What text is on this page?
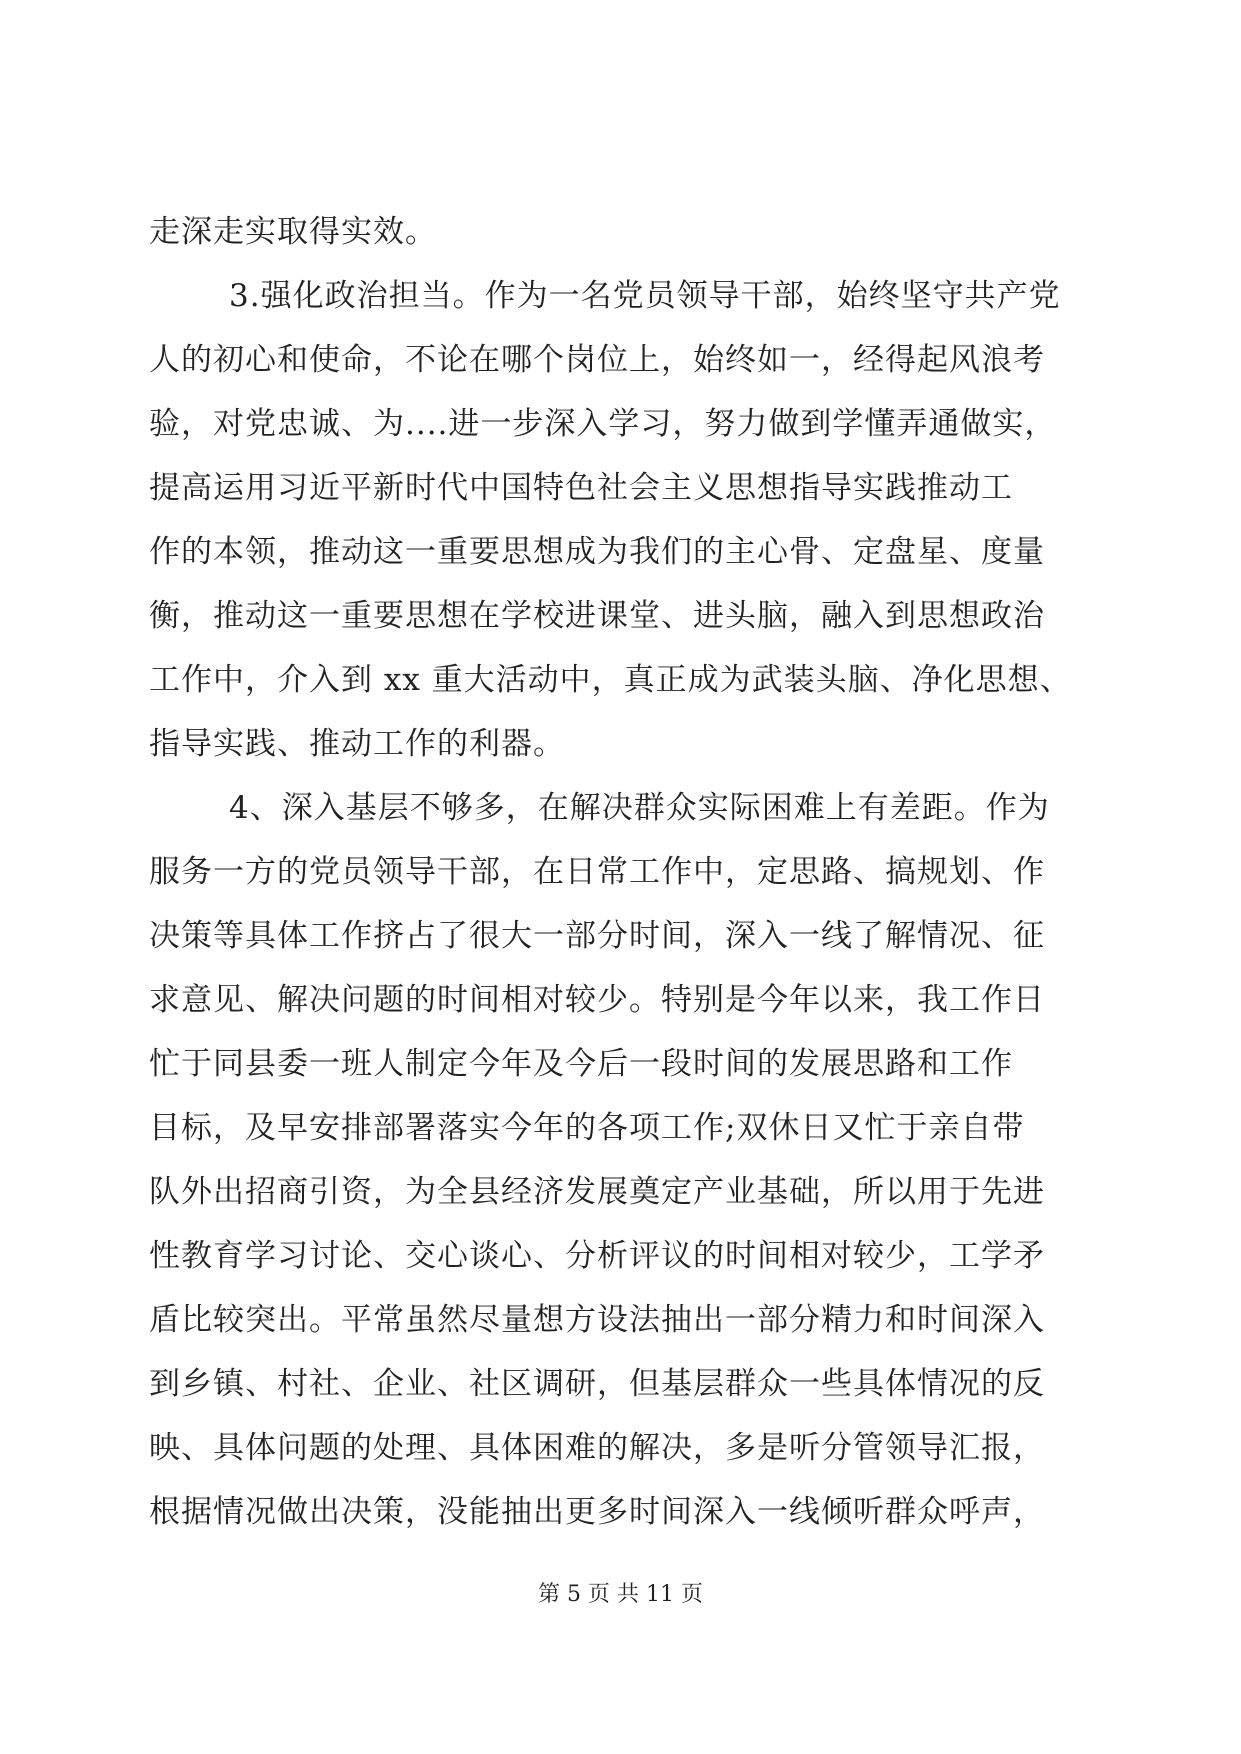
走深走实取得实效。
3.强化政治担当。作为一名党员领导干部，始终坚守共产党
人的初心和使命，不论在哪个岗位上，始终如一，经得起风浪考
验，对党忠诚、为....进一步深入学习，努力做到学懂弄通做实，
提高运用习近平新时代中国特色社会主义思想指导实践推动工
作的本领，推动这一重要思想成为我们的主心骨、定盘星、度量
衡，推动这一重要思想在学校进课堂、进头脑，融入到思想政治
工作中，介入到 xx 重大活动中，真正成为武装头脑、净化思想、
指导实践、推动工作的利器。
4、深入基层不够多，在解决群众实际困难上有差距。作为
服务一方的党员领导干部，在日常工作中，定思路、搞规划、作
决策等具体工作挤占了很大一部分时间，深入一线了解情况、征
求意见、解决问题的时间相对较少。特别是今年以来，我工作日
忙于同县委一班人制定今年及今后一段时间的发展思路和工作
目标，及早安排部署落实今年的各项工作;双休日又忙于亲自带
队外出招商引资，为全县经济发展奠定产业基础，所以用于先进
性教育学习讨论、交心谈心、分析评议的时间相对较少，工学矛
盾比较突出。平常虽然尽量想方设法抽出一部分精力和时间深入
到乡镇、村社、企业、社区调研，但基层群众一些具体情况的反
映、具体问题的处理、具体困难的解决，多是听分管领导汇报，
根据情况做出决策，没能抽出更多时间深入一线倾听群众呼声，
第 5 页 共 11 页
